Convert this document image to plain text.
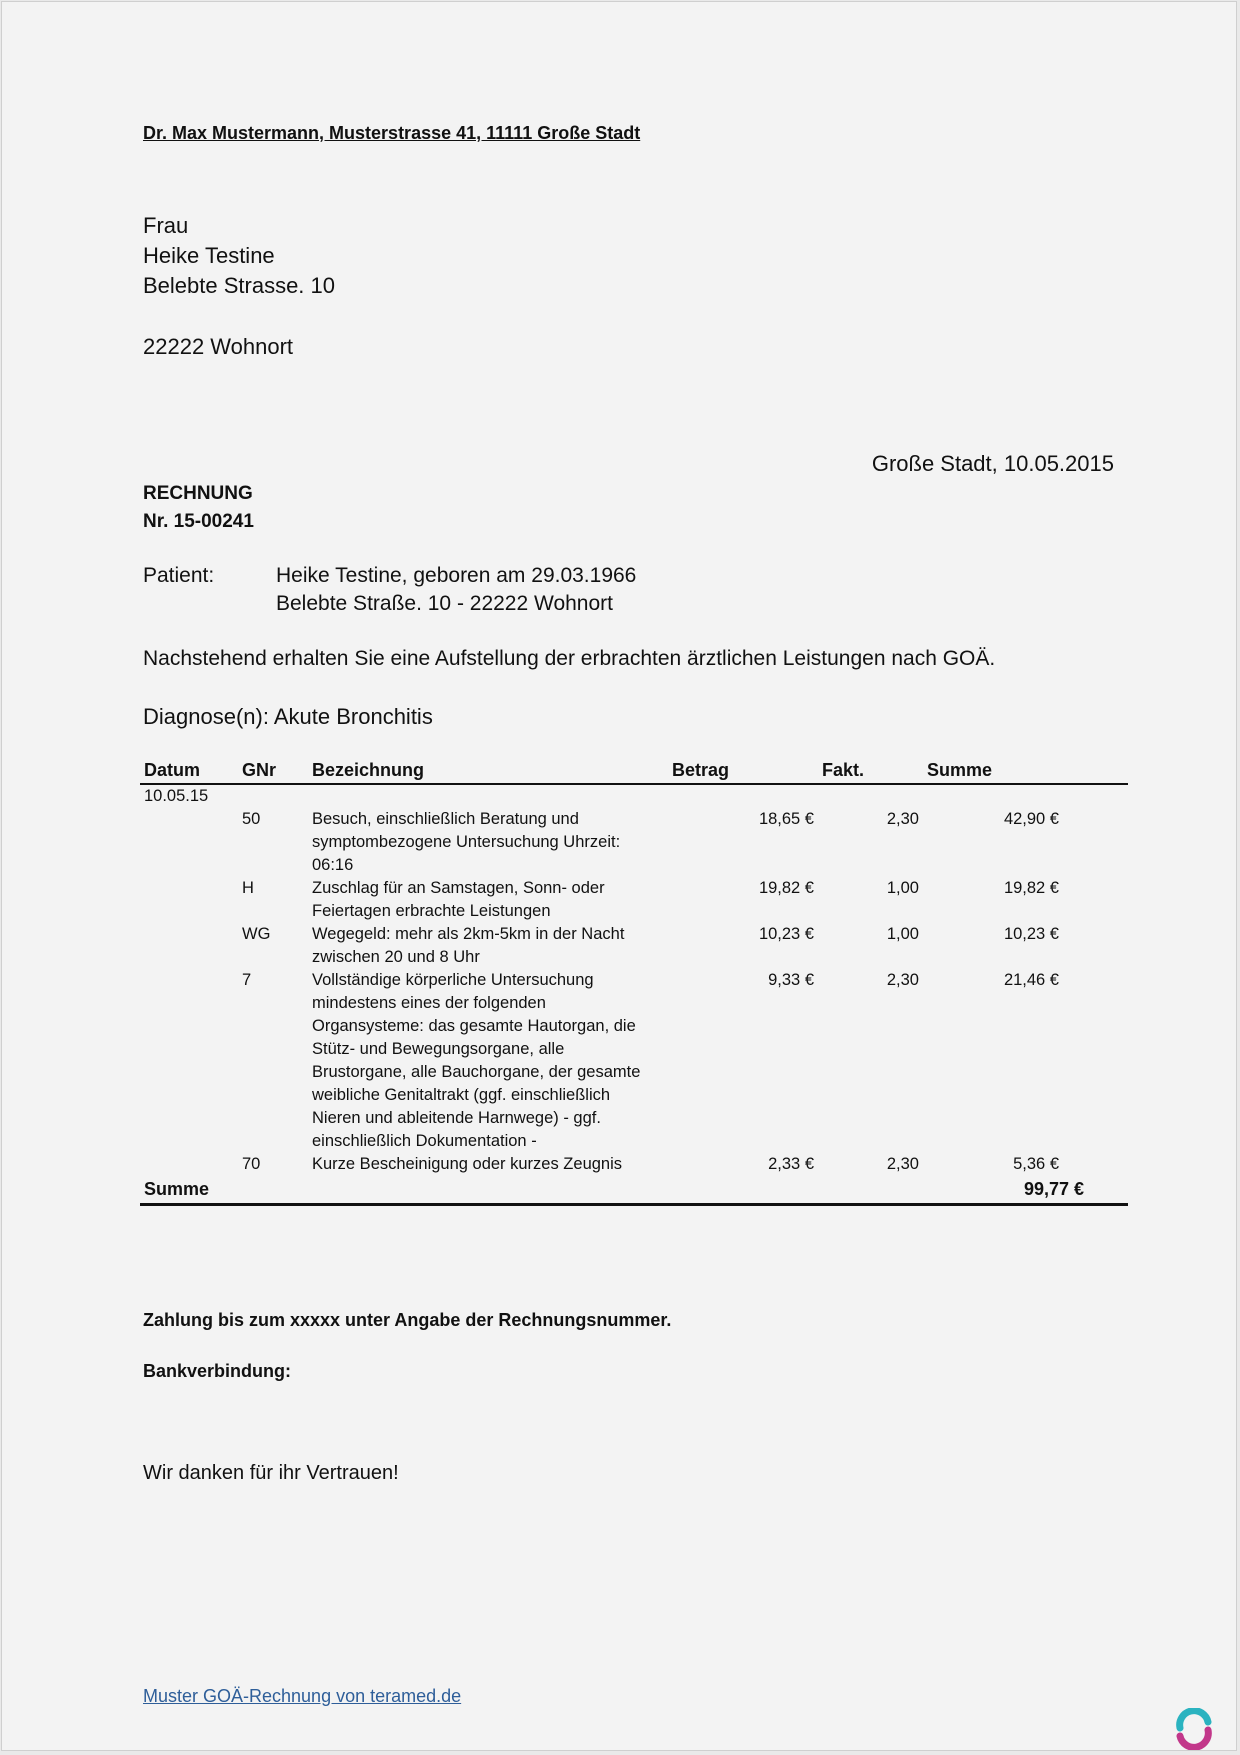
Dr. Max Mustermann, Musterstrasse 41, 11111 Große Stadt
Frau
Heike Testine
Belebte Strasse. 10
22222 Wohnort
Große Stadt, 10.05.2015
RECHNUNG
Nr. 15-00241
Patient:	Heike Testine, geboren am 29.03.1966
Belebte Straße. 10 - 22222 Wohnort
Nachstehend erhalten Sie eine Aufstellung der erbrachten ärztlichen Leistungen nach GOÄ.
Diagnose(n): Akute Bronchitis
Datum	GNr	Bezeichnung	Betrag	Fakt.	Summe	
10.05.15						
	50	Besuch, einschließlich Beratung und symptombezogene Untersuchung Uhrzeit: 06:16	18,65 €	2,30	42,90 €	
	H	Zuschlag für an Samstagen, Sonn- oder Feiertagen erbrachte Leistungen	19,82 €	1,00	19,82 €	
	WG	Wegegeld: mehr als 2km-5km in der Nacht zwischen 20 und 8 Uhr	10,23 €	1,00	10,23 €	
	7	Vollständige körperliche Untersuchung mindestens eines der folgenden Organsysteme: das gesamte Hautorgan, die Stütz- und Bewegungsorgane, alle Brustorgane, alle Bauchorgane, der gesamte weibliche Genitaltrakt (ggf. einschließlich Nieren und ableitende Harnwege) - ggf. einschließlich Dokumentation -	9,33 €	2,30	21,46 €	
	70	Kurze Bescheinigung oder kurzes Zeugnis	2,33 €	2,30	5,36 €	
Summe					99,77 €	
Zahlung bis zum xxxxx unter Angabe der Rechnungsnummer.
Bankverbindung:
Wir danken für ihr Vertrauen!
Muster GOÄ-Rechnung von teramed.de
